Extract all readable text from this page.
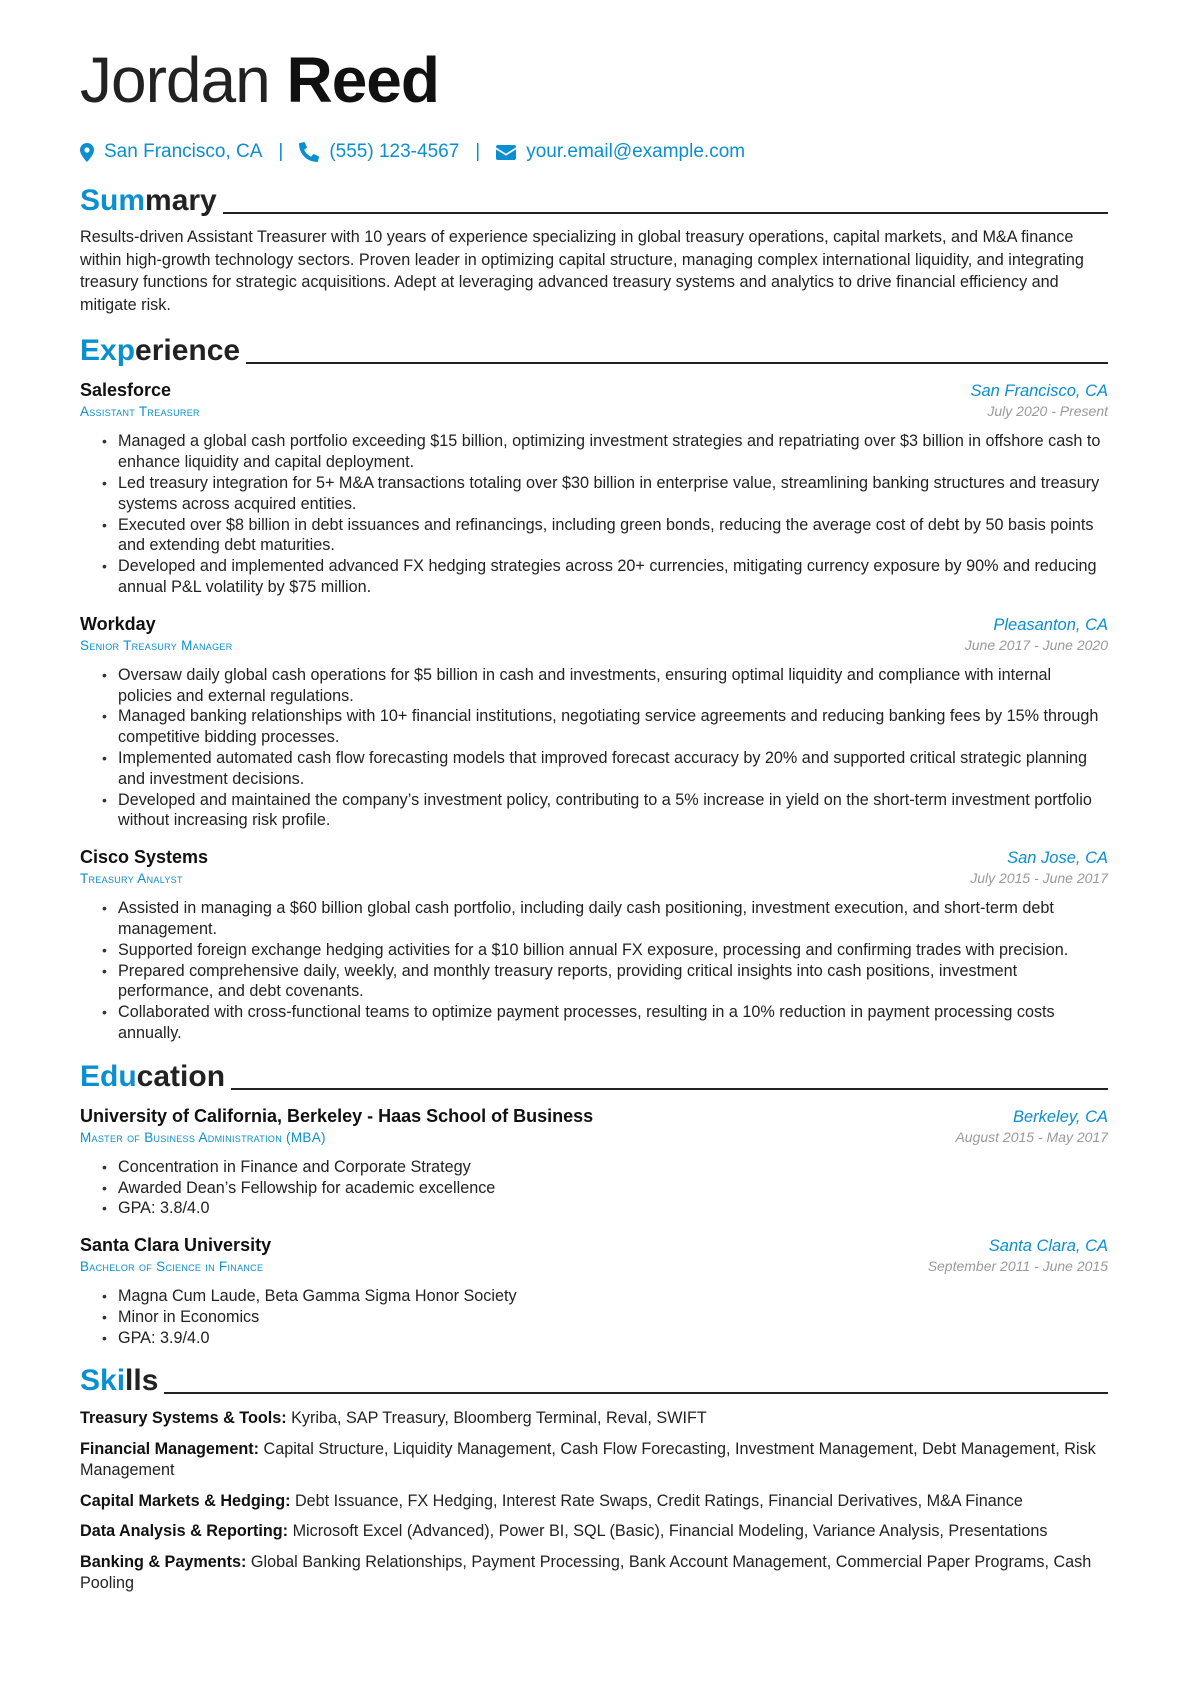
Jordan Reed
San Francisco, CA | (555) 123-4567 | your.email@example.com
Summary

Results-driven Assistant Treasurer with 10 years of experience specializing in global treasury operations, capital markets, and M&A finance within high-growth technology sectors. Proven leader in optimizing capital structure, managing complex international liquidity, and integrating treasury functions for strategic acquisitions. Adept at leveraging advanced treasury systems and analytics to drive financial efficiency and mitigate risk.

Experience
Salesforce	San Francisco, CA
Assistant Treasurer	July 2020 - Present
• Managed a global cash portfolio exceeding $15 billion, optimizing investment strategies and repatriating over $3 billion in offshore cash to enhance liquidity and capital deployment.
• Led treasury integration for 5+ M&A transactions totaling over $30 billion in enterprise value, streamlining banking structures and treasury systems across acquired entities.
• Executed over $8 billion in debt issuances and refinancings, including green bonds, reducing the average cost of debt by 50 basis points and extending debt maturities.
• Developed and implemented advanced FX hedging strategies across 20+ currencies, mitigating currency exposure by 90% and reducing annual P&L volatility by $75 million.
Workday	Pleasanton, CA
Senior Treasury Manager	June 2017 - June 2020
• Oversaw daily global cash operations for $5 billion in cash and investments, ensuring optimal liquidity and compliance with internal policies and external regulations.
• Managed banking relationships with 10+ financial institutions, negotiating service agreements and reducing banking fees by 15% through competitive bidding processes.
• Implemented automated cash flow forecasting models that improved forecast accuracy by 20% and supported critical strategic planning and investment decisions.
• Developed and maintained the company’s investment policy, contributing to a 5% increase in yield on the short-term investment portfolio without increasing risk profile.
Cisco Systems	San Jose, CA
Treasury Analyst	July 2015 - June 2017
• Assisted in managing a $60 billion global cash portfolio, including daily cash positioning, investment execution, and short-term debt management.
• Supported foreign exchange hedging activities for a $10 billion annual FX exposure, processing and confirming trades with precision.
• Prepared comprehensive daily, weekly, and monthly treasury reports, providing critical insights into cash positions, investment performance, and debt covenants.
• Collaborated with cross-functional teams to optimize payment processes, resulting in a 10% reduction in payment processing costs annually.
Education
University of California, Berkeley - Haas School of Business	Berkeley, CA
Master of Business Administration (MBA)	August 2015 - May 2017
• Concentration in Finance and Corporate Strategy
• Awarded Dean’s Fellowship for academic excellence
• GPA: 3.8/4.0
Santa Clara University	Santa Clara, CA
Bachelor of Science in Finance	September 2011 - June 2015
• Magna Cum Laude, Beta Gamma Sigma Honor Society
• Minor in Economics
• GPA: 3.9/4.0
Skills

Treasury Systems & Tools: Kyriba, SAP Treasury, Bloomberg Terminal, Reval, SWIFT

Financial Management: Capital Structure, Liquidity Management, Cash Flow Forecasting, Investment Management, Debt Management, Risk Management

Capital Markets & Hedging: Debt Issuance, FX Hedging, Interest Rate Swaps, Credit Ratings, Financial Derivatives, M&A Finance

Data Analysis & Reporting: Microsoft Excel (Advanced), Power BI, SQL (Basic), Financial Modeling, Variance Analysis, Presentations

Banking & Payments: Global Banking Relationships, Payment Processing, Bank Account Management, Commercial Paper Programs, Cash Pooling
